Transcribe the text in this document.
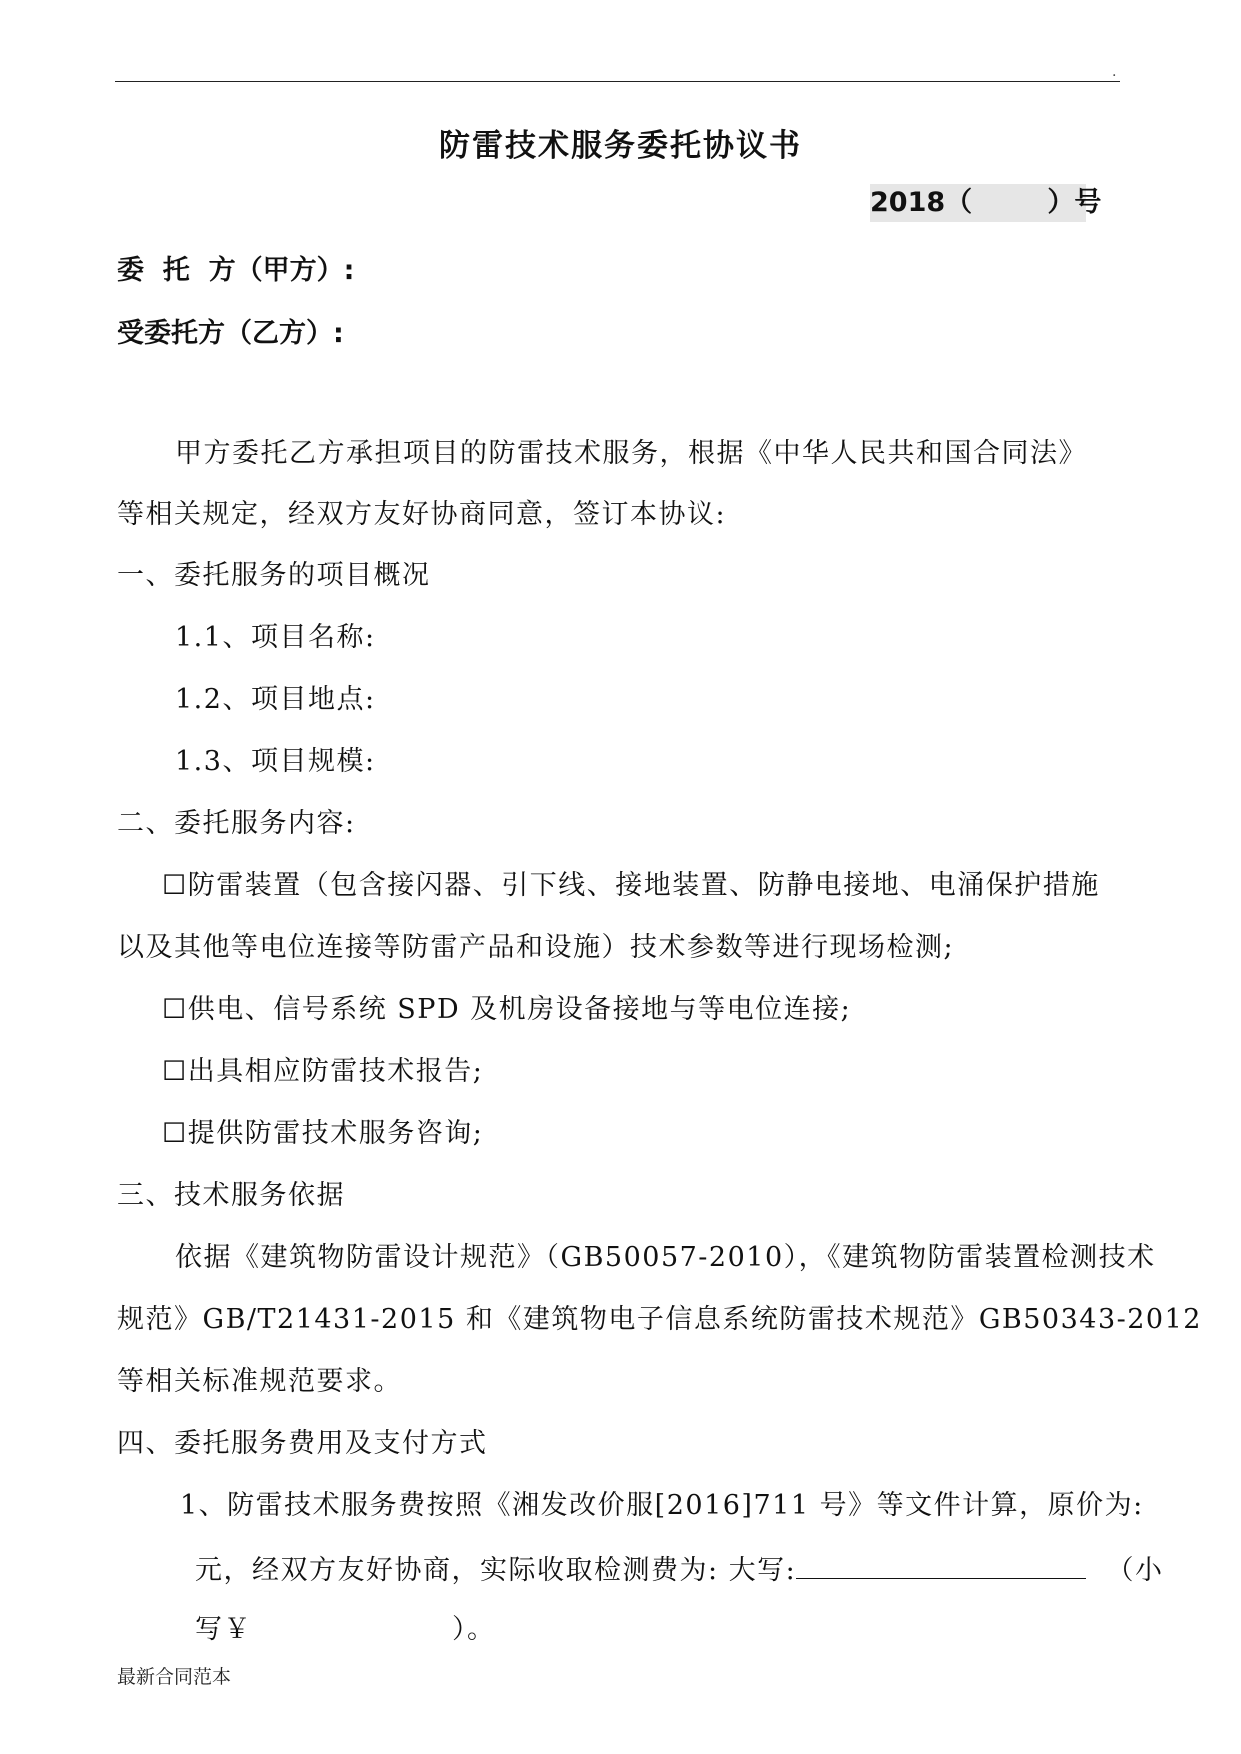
.
防雷技术服务委托协议书
2018（        ）号
委  托  方（甲方）:
受委托方（乙方）:
甲方委托乙方承担项目的防雷技术服务，根据《中华人民共和国合同法》
等相关规定，经双方友好协商同意，签订本协议:
一、委托服务的项目概况
1.1、项目名称:
1.2、项目地点:
1.3、项目规模:
二、委托服务内容:
☐防雷装置（包含接闪器、引下线、接地装置、防静电接地、电涌保护措施
以及其他等电位连接等防雷产品和设施）技术参数等进行现场检测;
☐供电、信号系统 SPD 及机房设备接地与等电位连接;
☐出具相应防雷技术报告;
☐提供防雷技术服务咨询;
三、技术服务依据
依据《建筑物防雷设计规范》（GB50057-2010），《建筑物防雷装置检测技术
规范》GB/T21431-2015 和《建筑物电子信息系统防雷技术规范》GB50343-2012
等相关标准规范要求。
四、委托服务费用及支付方式
1、防雷技术服务费按照《湘发改价服[2016]711 号》等文件计算，原价为:
元，经双方友好协商，实际收取检测费为: 大写:	（小
写￥	）。
最新合同范本
